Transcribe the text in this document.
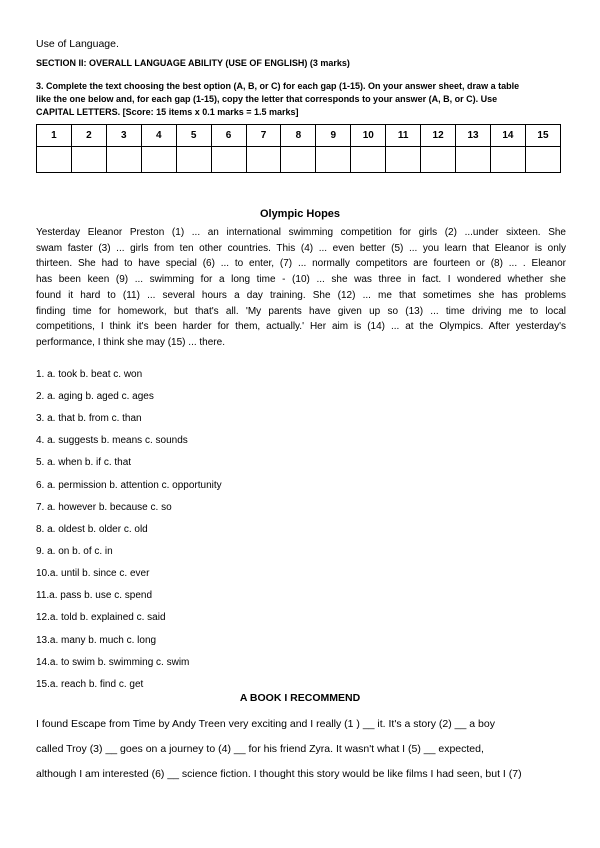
Use of Language.
SECTION II: OVERALL LANGUAGE ABILITY (USE OF ENGLISH) (3 marks)
3. Complete the text choosing the best option (A, B, or C) for each gap (1-15). On your answer sheet, draw a table
like the one below and, for each gap (1-15), copy the letter that corresponds to your answer (A, B, or C). Use
CAPITAL LETTERS. [Score: 15 items x 0.1 marks = 1.5 marks]
1	2	3	4	5	6	7	8	9	10	11	12	13	14	15

Olympic Hopes
Yesterday Eleanor Preston (1) ... an international swimming competition for girls (2) ...under sixteen. She
swam faster (3) ... girls from ten other countries. This (4) ... even better (5) ... you learn that Eleanor is only
thirteen. She had to have special (6) ... to enter, (7) ... normally competitors are fourteen or (8) ... . Eleanor
has been keen (9) ... swimming for a long time - (10) ... she was three in fact. I wondered whether she
found it hard to (11) ... several hours a day training. She (12) ... me that sometimes she has problems
finding time for homework, but that's all. 'My parents have given up so (13) ... time driving me to local
competitions, I think it's been harder for them, actually.' Her aim is (14) ... at the Olympics. After yesterday's
performance, I think she may (15) ... there.
1. a. took b. beat c. won
2. a. aging b. aged c. ages
3. a. that b. from c. than
4. a. suggests b. means c. sounds
5. a. when b. if c. that
6. a. permission b. attention c. opportunity
7. a. however b. because c. so
8. a. oldest b. older c. old
9. a. on b. of c. in
10.a. until b. since c. ever
11.a. pass b. use c. spend
12.a. told b. explained c. said
13.a. many b. much c. long
14.a. to swim b. swimming c. swim
15.a. reach b. find c. get
A BOOK I RECOMMEND
I found Escape from Time by Andy Treen very exciting and I really (1 ) __ it. It's a story (2) __ a boy
called Troy (3) __ goes on a journey to (4) __ for his friend Zyra. It wasn't what I (5) __ expected,
although I am interested (6) __ science fiction. I thought this story would be like films I had seen, but I (7)
